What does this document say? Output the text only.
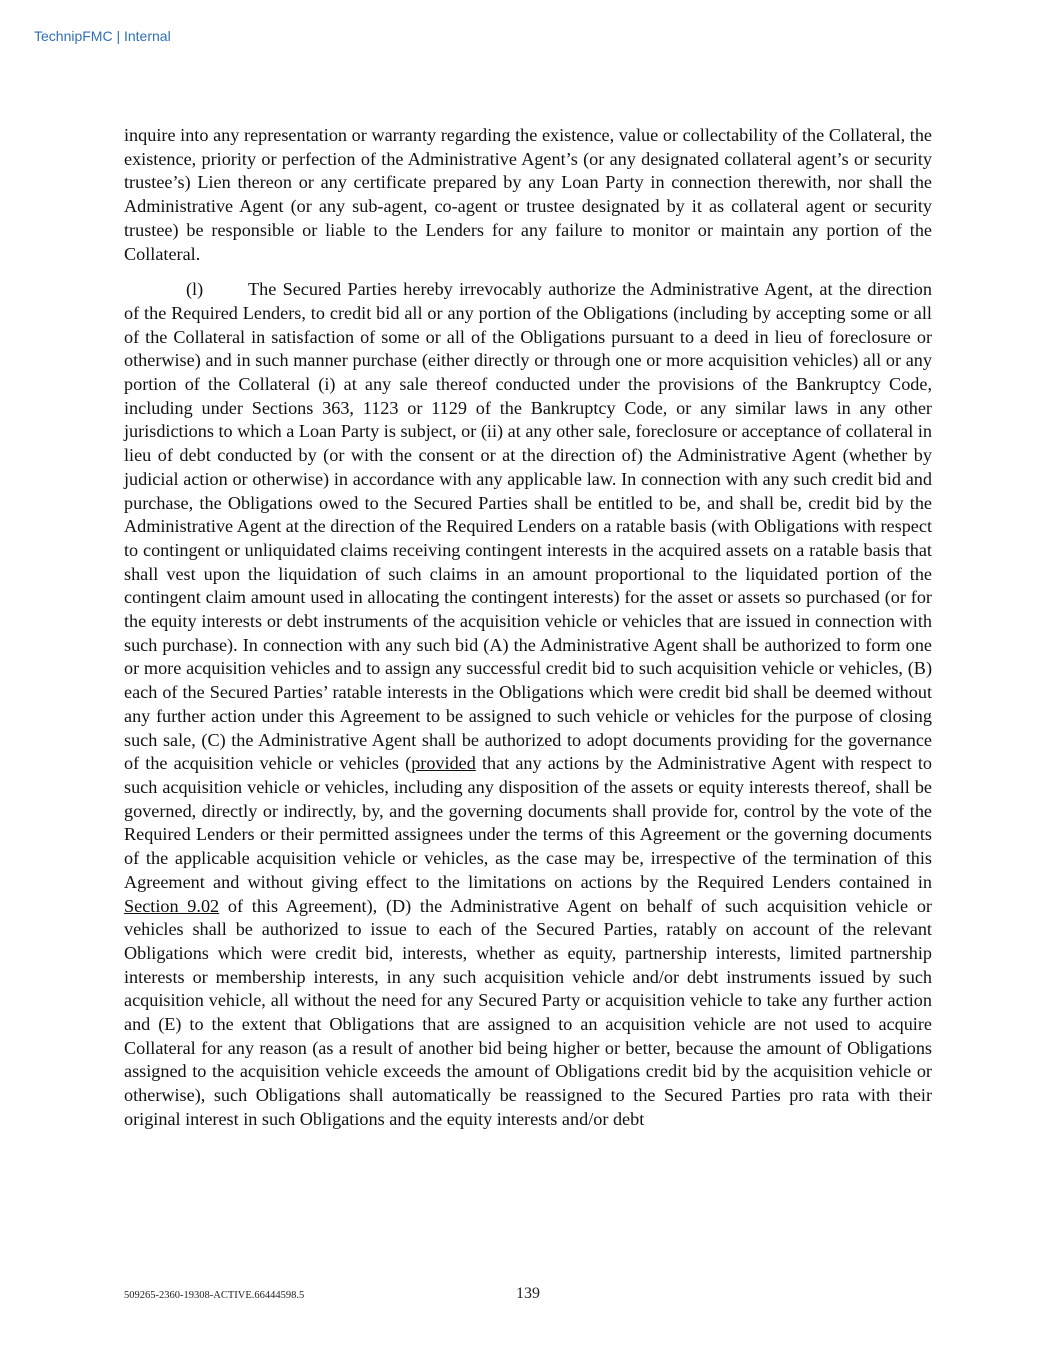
TechnipFMC | Internal

inquire into any representation or warranty regarding the existence, value or collectability of the Collateral, the existence, priority or perfection of the Administrative Agent’s (or any designated collateral agent’s or security trustee’s) Lien thereon or any certificate prepared by any Loan Party in connection therewith, nor shall the Administrative Agent (or any sub-agent, co-agent or trustee designated by it as collateral agent or security trustee) be responsible or liable to the Lenders for any failure to monitor or maintain any portion of the Collateral.

(l) The Secured Parties hereby irrevocably authorize the Administrative Agent, at the direction of the Required Lenders, to credit bid all or any portion of the Obligations (including by accepting some or all of the Collateral in satisfaction of some or all of the Obligations pursuant to a deed in lieu of foreclosure or otherwise) and in such manner purchase (either directly or through one or more acquisition vehicles) all or any portion of the Collateral (i) at any sale thereof conducted under the provisions of the Bankruptcy Code, including under Sections 363, 1123 or 1129 of the Bankruptcy Code, or any similar laws in any other jurisdictions to which a Loan Party is subject, or (ii) at any other sale, foreclosure or acceptance of collateral in lieu of debt conducted by (or with the consent or at the direction of) the Administrative Agent (whether by judicial action or otherwise) in accordance with any applicable law. In connection with any such credit bid and purchase, the Obligations owed to the Secured Parties shall be entitled to be, and shall be, credit bid by the Administrative Agent at the direction of the Required Lenders on a ratable basis (with Obligations with respect to contingent or unliquidated claims receiving contingent interests in the acquired assets on a ratable basis that shall vest upon the liquidation of such claims in an amount proportional to the liquidated portion of the contingent claim amount used in allocating the contingent interests) for the asset or assets so purchased (or for the equity interests or debt instruments of the acquisition vehicle or vehicles that are issued in connection with such purchase). In connection with any such bid (A) the Administrative Agent shall be authorized to form one or more acquisition vehicles and to assign any successful credit bid to such acquisition vehicle or vehicles, (B) each of the Secured Parties’ ratable interests in the Obligations which were credit bid shall be deemed without any further action under this Agreement to be assigned to such vehicle or vehicles for the purpose of closing such sale, (C) the Administrative Agent shall be authorized to adopt documents providing for the governance of the acquisition vehicle or vehicles (provided that any actions by the Administrative Agent with respect to such acquisition vehicle or vehicles, including any disposition of the assets or equity interests thereof, shall be governed, directly or indirectly, by, and the governing documents shall provide for, control by the vote of the Required Lenders or their permitted assignees under the terms of this Agreement or the governing documents of the applicable acquisition vehicle or vehicles, as the case may be, irrespective of the termination of this Agreement and without giving effect to the limitations on actions by the Required Lenders contained in Section 9.02 of this Agreement), (D) the Administrative Agent on behalf of such acquisition vehicle or vehicles shall be authorized to issue to each of the Secured Parties, ratably on account of the relevant Obligations which were credit bid, interests, whether as equity, partnership interests, limited partnership interests or membership interests, in any such acquisition vehicle and/or debt instruments issued by such acquisition vehicle, all without the need for any Secured Party or acquisition vehicle to take any further action and (E) to the extent that Obligations that are assigned to an acquisition vehicle are not used to acquire Collateral for any reason (as a result of another bid being higher or better, because the amount of Obligations assigned to the acquisition vehicle exceeds the amount of Obligations credit bid by the acquisition vehicle or otherwise), such Obligations shall automatically be reassigned to the Secured Parties pro rata with their original interest in such Obligations and the equity interests and/or debt

509265-2360-19308-ACTIVE.66444598.5	139
